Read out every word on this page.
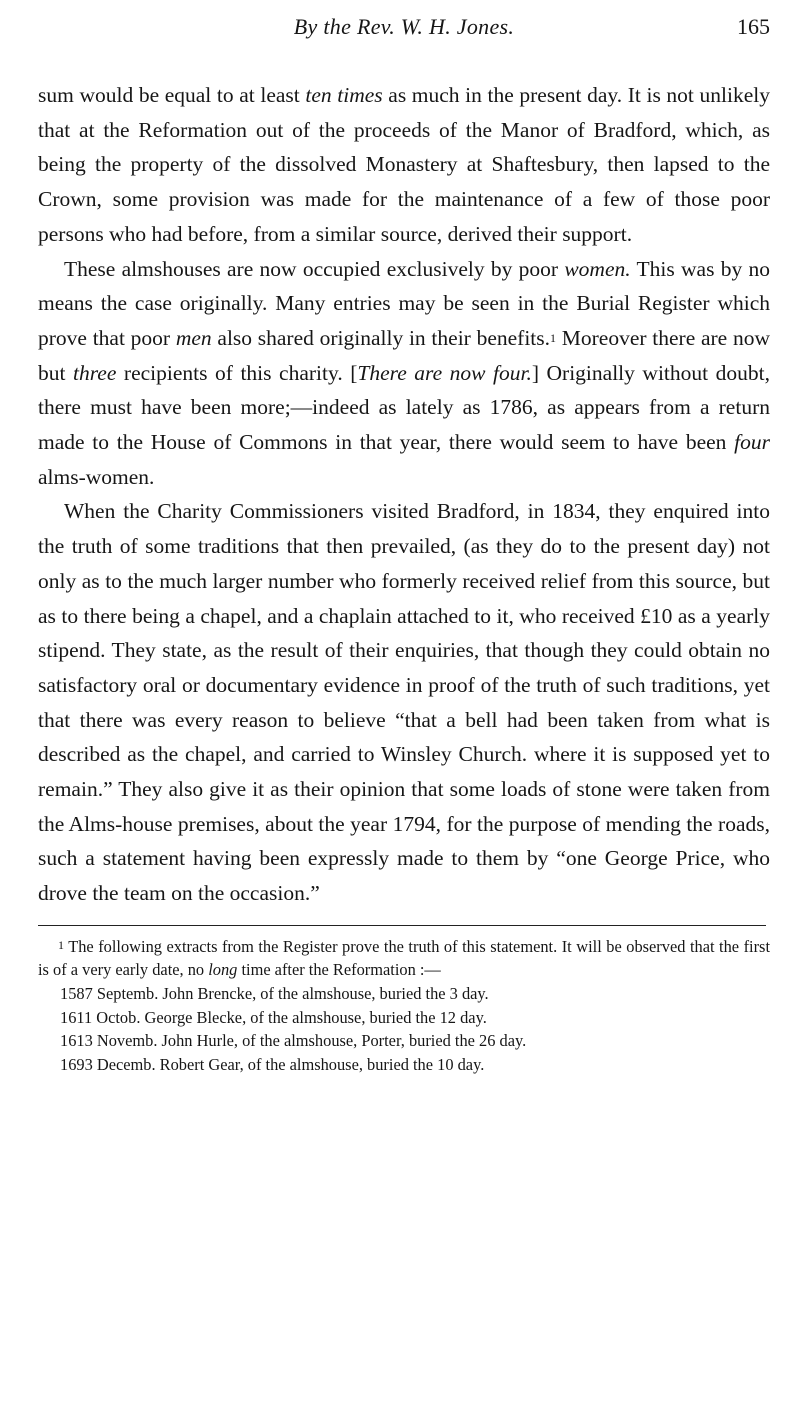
By the Rev. W. H. Jones.	165

sum would be equal to at least ten times as much in the present day. It is not unlikely that at the Reformation out of the proceeds of the Manor of Bradford, which, as being the property of the dissolved Monastery at Shaftesbury, then lapsed to the Crown, some provision was made for the maintenance of a few of those poor persons who had before, from a similar source, derived their support.

These almshouses are now occupied exclusively by poor women. This was by no means the case originally. Many entries may be seen in the Burial Register which prove that poor men also shared originally in their benefits.$^1$ Moreover there are now but three recipients of this charity. [There are now four.] Originally without doubt, there must have been more;—indeed as lately as 1786, as appears from a return made to the House of Commons in that year, there would seem to have been four alms-women.

When the Charity Commissioners visited Bradford, in 1834, they enquired into the truth of some traditions that then prevailed, (as they do to the present day) not only as to the much larger number who formerly received relief from this source, but as to there being a chapel, and a chaplain attached to it, who received £10 as a yearly stipend. They state, as the result of their enquiries, that though they could obtain no satisfactory oral or documentary evidence in proof of the truth of such traditions, yet that there was every reason to believe “that a bell had been taken from what is described as the chapel, and carried to Winsley Church. where it is supposed yet to remain.” They also give it as their opinion that some loads of stone were taken from the Alms-house premises, about the year 1794, for the purpose of mending the roads, such a statement having been expressly made to them by “one George Price, who drove the team on the occasion.”

$^1$ The following extracts from the Register prove the truth of this statement. It will be observed that the first is of a very early date, no long time after the Reformation :—

1587 Septemb. John Brencke, of the almshouse, buried the 3 day.

1611 Octob. George Blecke, of the almshouse, buried the 12 day.

1613 Novemb. John Hurle, of the almshouse, Porter, buried the 26 day.

1693 Decemb. Robert Gear, of the almshouse, buried the 10 day.
